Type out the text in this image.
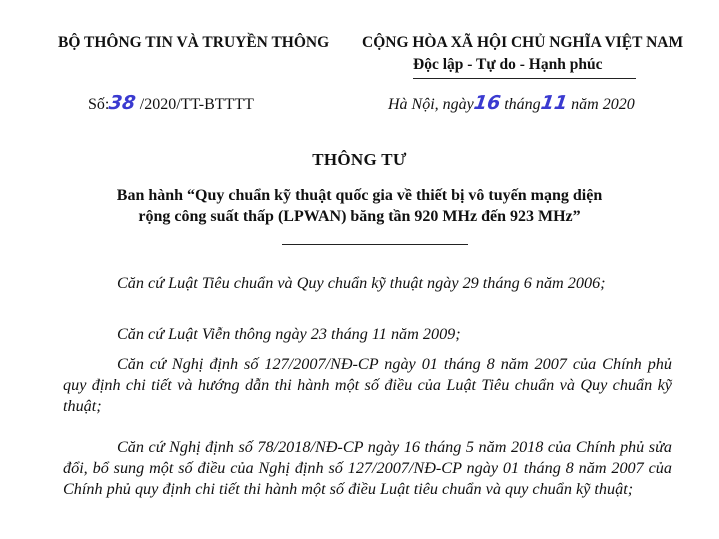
BỘ THÔNG TIN VÀ TRUYỀN THÔNG CỘNG HÒA XÃ HỘI CHỦ NGHĨA VIỆT NAM
Độc lập - Tự do - Hạnh phúc
Số:38 /2020/TT-BTTTT	Hà Nội, ngày16 tháng11 năm 2020
THÔNG TƯ
Ban hành “Quy chuẩn kỹ thuật quốc gia về thiết bị vô tuyến mạng diện
rộng công suất thấp (LPWAN) băng tần 920 MHz đến 923 MHz”
Căn cứ Luật Tiêu chuẩn và Quy chuẩn kỹ thuật ngày 29 tháng 6 năm 2006;
Căn cứ Luật Viễn thông ngày 23 tháng 11 năm 2009;
Căn cứ Nghị định số 127/2007/NĐ-CP ngày 01 tháng 8 năm 2007 của Chính phủ quy định chi tiết và hướng dẫn thi hành một số điều của Luật Tiêu chuẩn và Quy chuẩn kỹ thuật;
Căn cứ Nghị định số 78/2018/NĐ-CP ngày 16 tháng 5 năm 2018 của Chính phủ sửa đổi, bổ sung một số điều của Nghị định số 127/2007/NĐ-CP ngày 01 tháng 8 năm 2007 của Chính phủ quy định chi tiết thi hành một số điều Luật tiêu chuẩn và quy chuẩn kỹ thuật;
